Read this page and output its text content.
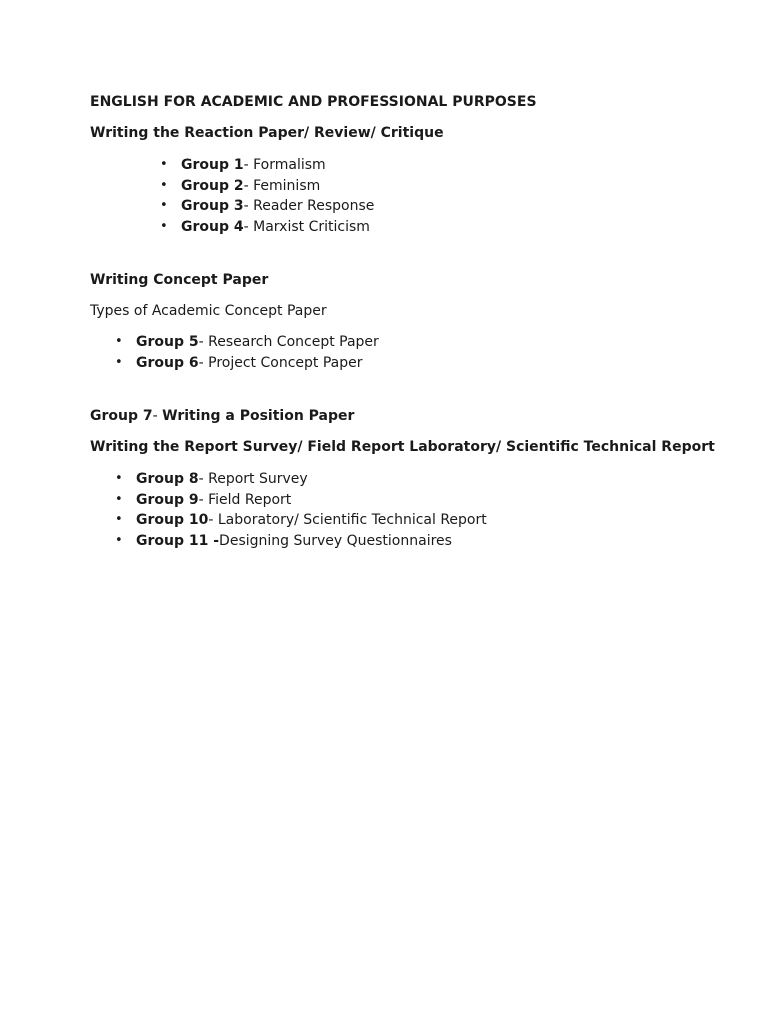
ENGLISH FOR ACADEMIC AND PROFESSIONAL PURPOSES
Writing the Reaction Paper/ Review/ Critique
• Group 1- Formalism
• Group 2- Feminism
• Group 3- Reader Response
• Group 4- Marxist Criticism
Writing Concept Paper
Types of Academic Concept Paper
• Group 5- Research Concept Paper
• Group 6- Project Concept Paper
Group 7- Writing a Position Paper
Writing the Report Survey/ Field Report Laboratory/ Scientific Technical Report
• Group 8- Report Survey
• Group 9- Field Report
• Group 10- Laboratory/ Scientific Technical Report
• Group 11 -Designing Survey Questionnaires
